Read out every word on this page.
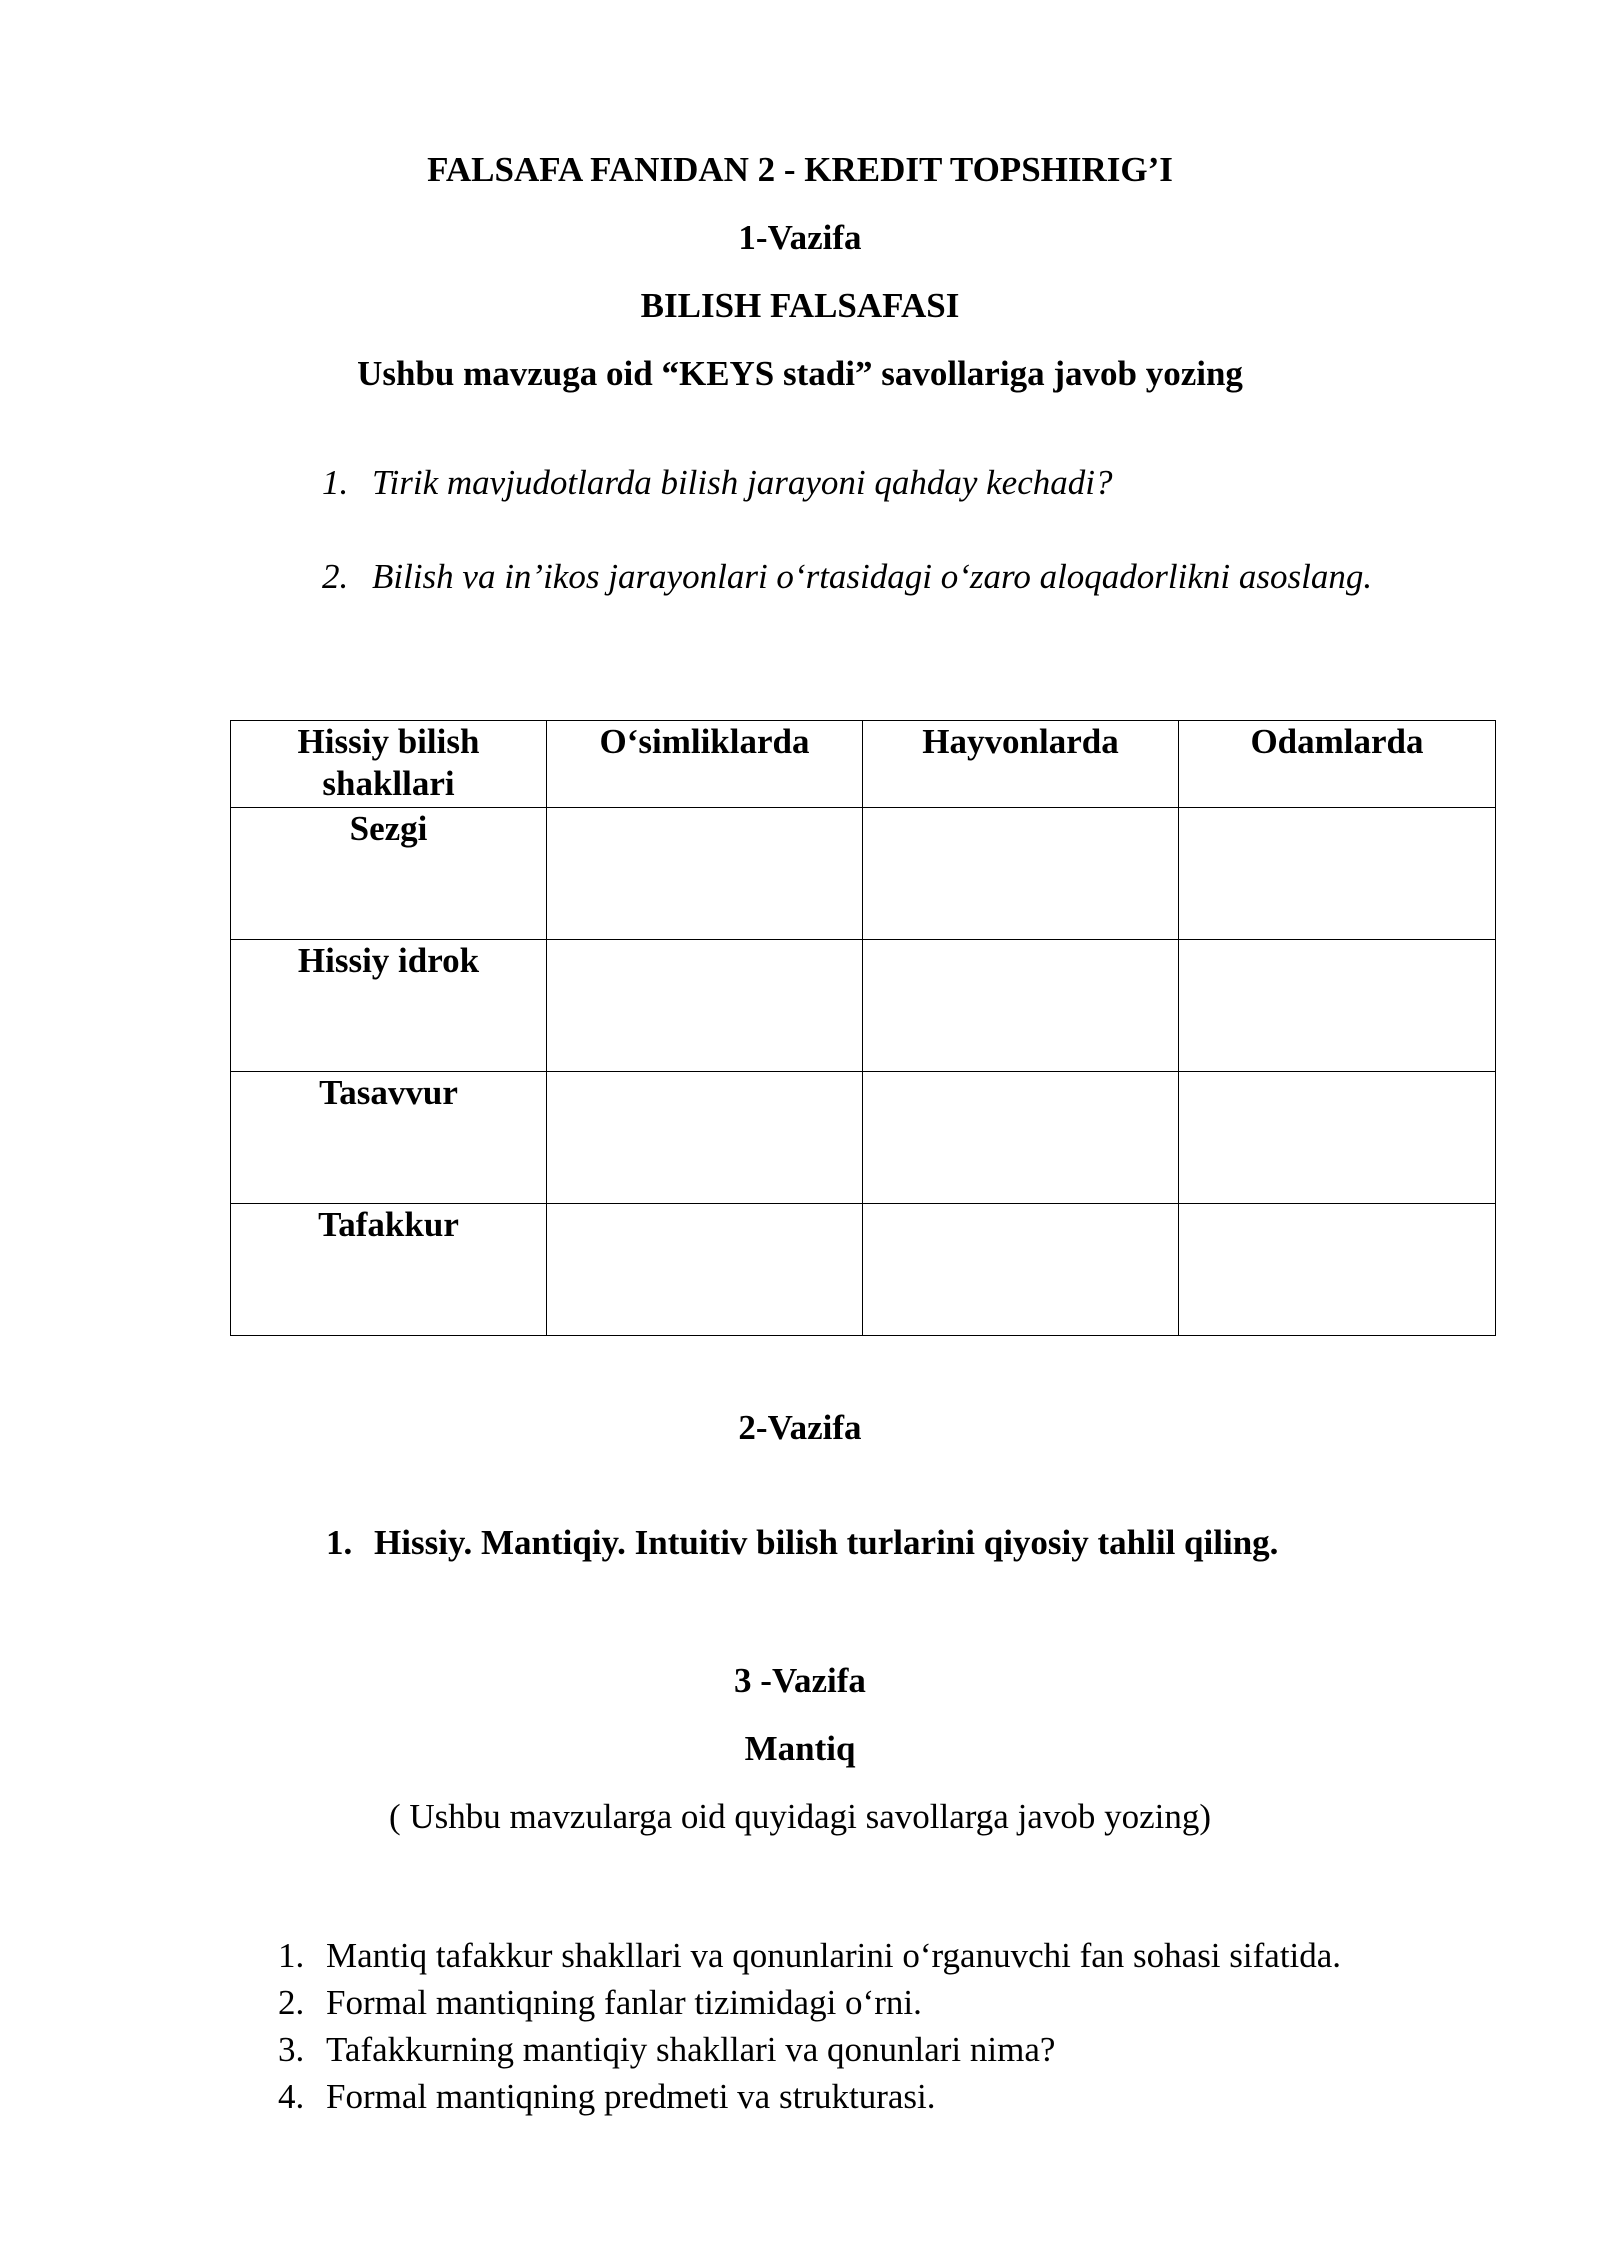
FALSAFA FANIDAN 2 - KREDIT TOPSHIRIG’I
1-Vazifa
BILISH FALSAFASI
Ushbu mavzuga oid “KEYS stadi” savollariga javob yozing
1. Tirik mavjudotlarda bilish jarayoni qahday kechadi?
2. Bilish va in’ikos jarayonlari o‘rtasidagi o‘zaro aloqadorlikni asoslang.
Hissiy bilish shakllari	O‘simliklarda	Hayvonlarda	Odamlarda
Sezgi			
Hissiy idrok			
Tasavvur			
Tafakkur			
2-Vazifa
1. Hissiy. Mantiqiy. Intuitiv bilish turlarini qiyosiy tahlil qiling.
3 -Vazifa
Mantiq
( Ushbu mavzularga oid quyidagi savollarga javob yozing)
1. Mantiq tafakkur shakllari va qonunlarini o‘rganuvchi fan sohasi sifatida.
2. Formal mantiqning fanlar tizimidagi o‘rni.
3. Tafakkurning mantiqiy shakllari va qonunlari nima?
4. Formal mantiqning predmeti va strukturasi.
